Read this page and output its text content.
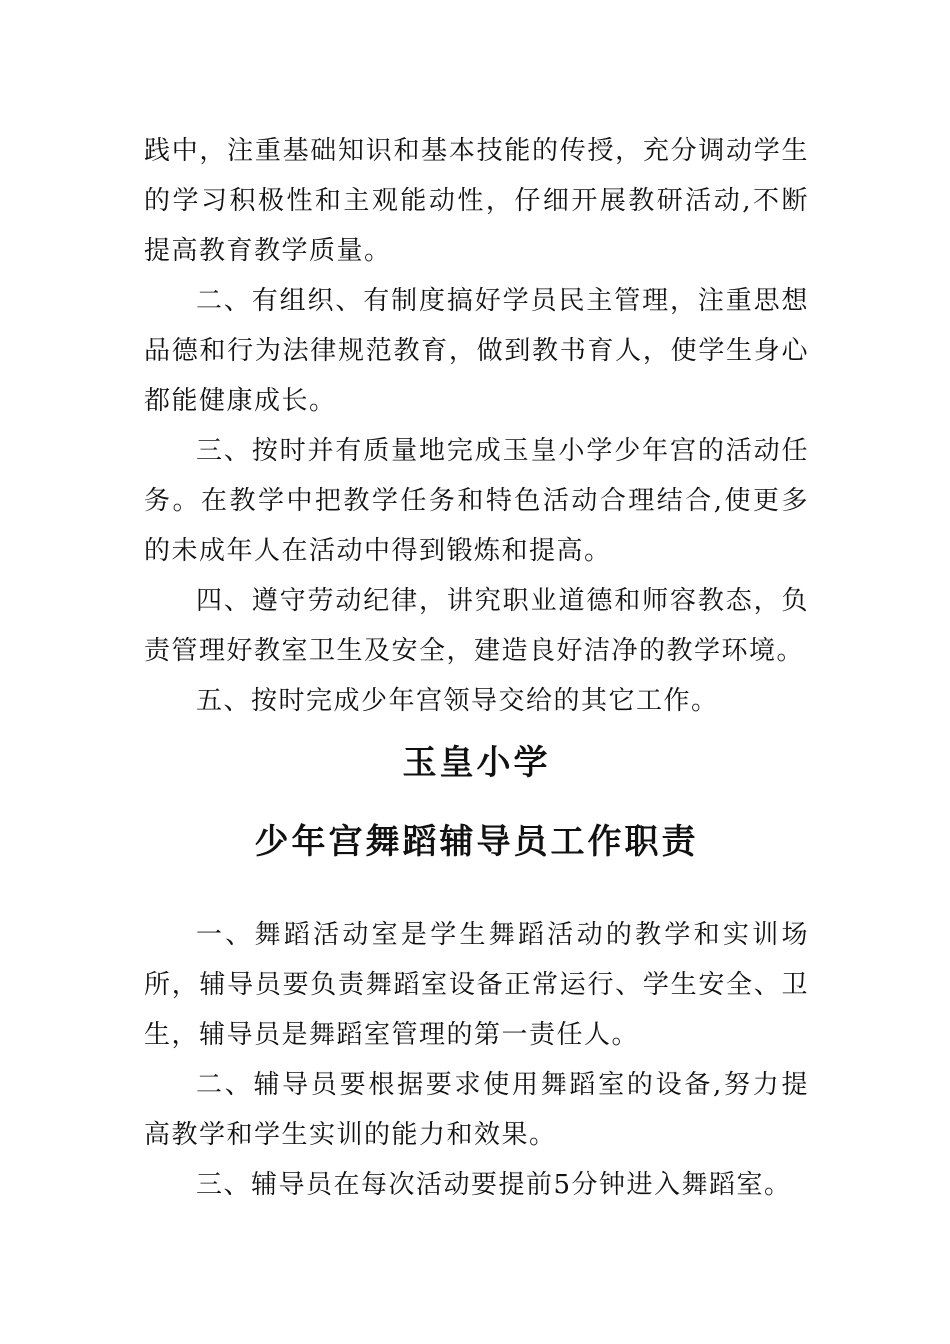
践中，注重基础知识和基本技能的传授，充分调动学生的学习积极性和主观能动性，仔细开展教研活动,不断提高教育教学质量。

二、有组织、有制度搞好学员民主管理，注重思想品德和行为法律规范教育，做到教书育人，使学生身心都能健康成长。

三、按时并有质量地完成玉皇小学少年宫的活动任务。在教学中把教学任务和特色活动合理结合,使更多的未成年人在活动中得到锻炼和提高。

四、遵守劳动纪律，讲究职业道德和师容教态，负责管理好教室卫生及安全，建造良好洁净的教学环境。

五、按时完成少年宫领导交给的其它工作。

玉皇小学
少年宫舞蹈辅导员工作职责

一、舞蹈活动室是学生舞蹈活动的教学和实训场所，辅导员要负责舞蹈室设备正常运行、学生安全、卫生，辅导员是舞蹈室管理的第一责任人。

二、辅导员要根据要求使用舞蹈室的设备,努力提高教学和学生实训的能力和效果。

三、辅导员在每次活动要提前5分钟进入舞蹈室。
